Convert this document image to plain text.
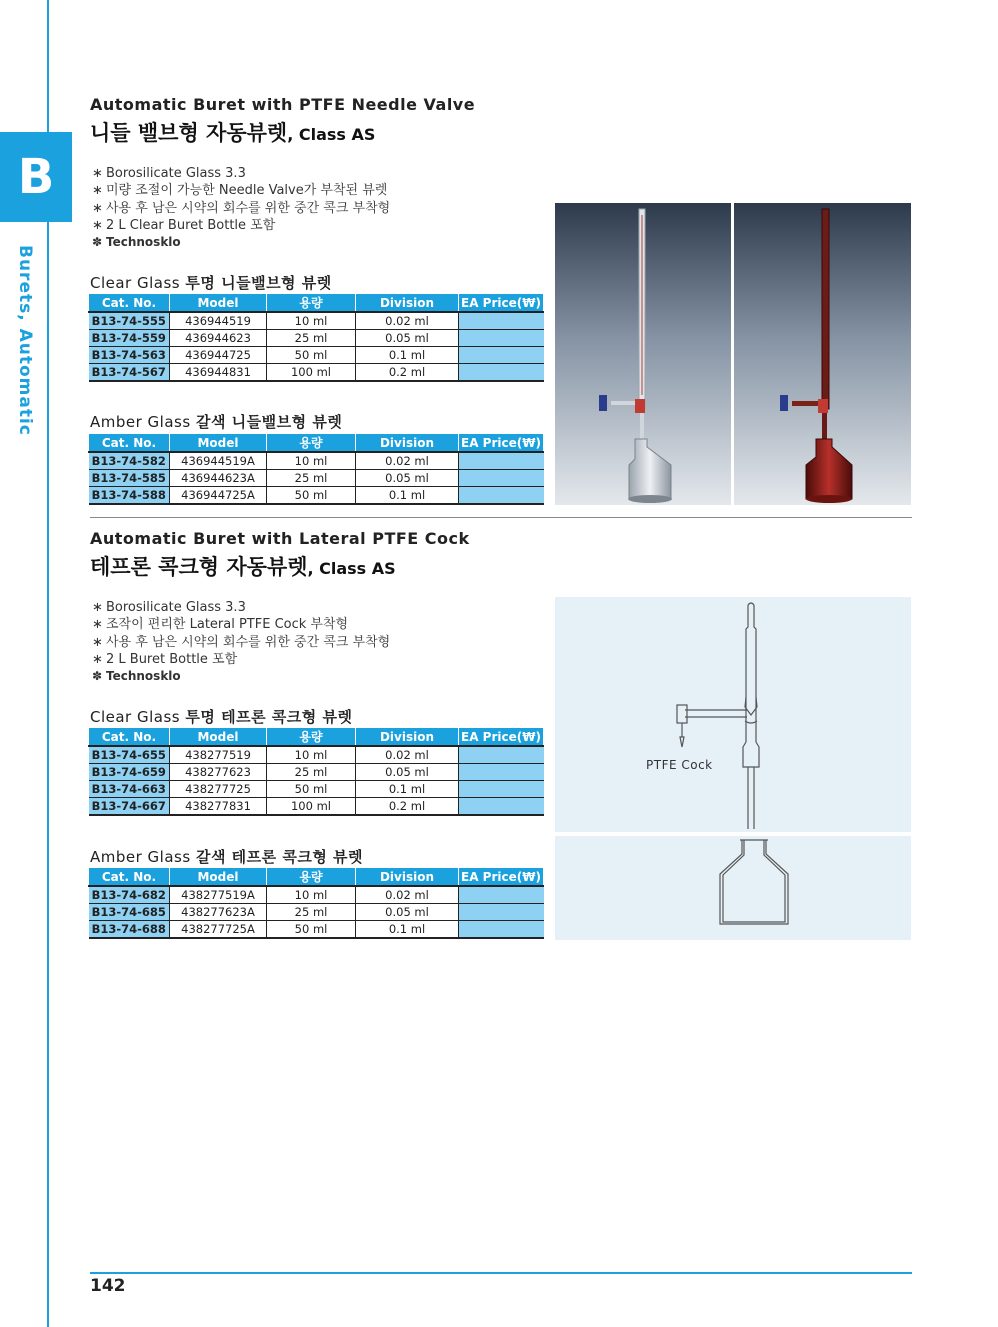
B
Burets, Automatic
Automatic Buret with PTFE Needle Valve
니들 밸브형 자동뷰렛, Class AS
∗ Borosilicate Glass 3.3
∗ 미량 조절이 가능한 Needle Valve가 부착된 뷰렛
∗ 사용 후 남은 시약의 회수를 위한 중간 콕크 부착형
∗ 2 L Clear Buret Bottle 포함
✽ Technosklo
Clear Glass 투명 니들밸브형 뷰렛
Cat. No.	Model	용량	Division	EA Price(₩)
B13-74-555	436944519	10 ml	0.02 ml	
B13-74-559	436944623	25 ml	0.05 ml	
B13-74-563	436944725	50 ml	0.1 ml	
B13-74-567	436944831	100 ml	0.2 ml	
Amber Glass 갈색 니들밸브형 뷰렛
Cat. No.	Model	용량	Division	EA Price(₩)
B13-74-582	436944519A	10 ml	0.02 ml	
B13-74-585	436944623A	25 ml	0.05 ml	
B13-74-588	436944725A	50 ml	0.1 ml	
Automatic Buret with Lateral PTFE Cock
테프론 콕크형 자동뷰렛, Class AS
∗ Borosilicate Glass 3.3
∗ 조작이 편리한 Lateral PTFE Cock 부착형
∗ 사용 후 남은 시약의 회수를 위한 중간 콕크 부착형
∗ 2 L Buret Bottle 포함
✽ Technosklo
Clear Glass 투명 테프론 콕크형 뷰렛
Cat. No.	Model	용량	Division	EA Price(₩)
B13-74-655	438277519	10 ml	0.02 ml	
B13-74-659	438277623	25 ml	0.05 ml	
B13-74-663	438277725	50 ml	0.1 ml	
B13-74-667	438277831	100 ml	0.2 ml	
Amber Glass 갈색 테프론 콕크형 뷰렛
Cat. No.	Model	용량	Division	EA Price(₩)
B13-74-682	438277519A	10 ml	0.02 ml	
B13-74-685	438277623A	25 ml	0.05 ml	
B13-74-688	438277725A	50 ml	0.1 ml	
PTFE Cock
142
